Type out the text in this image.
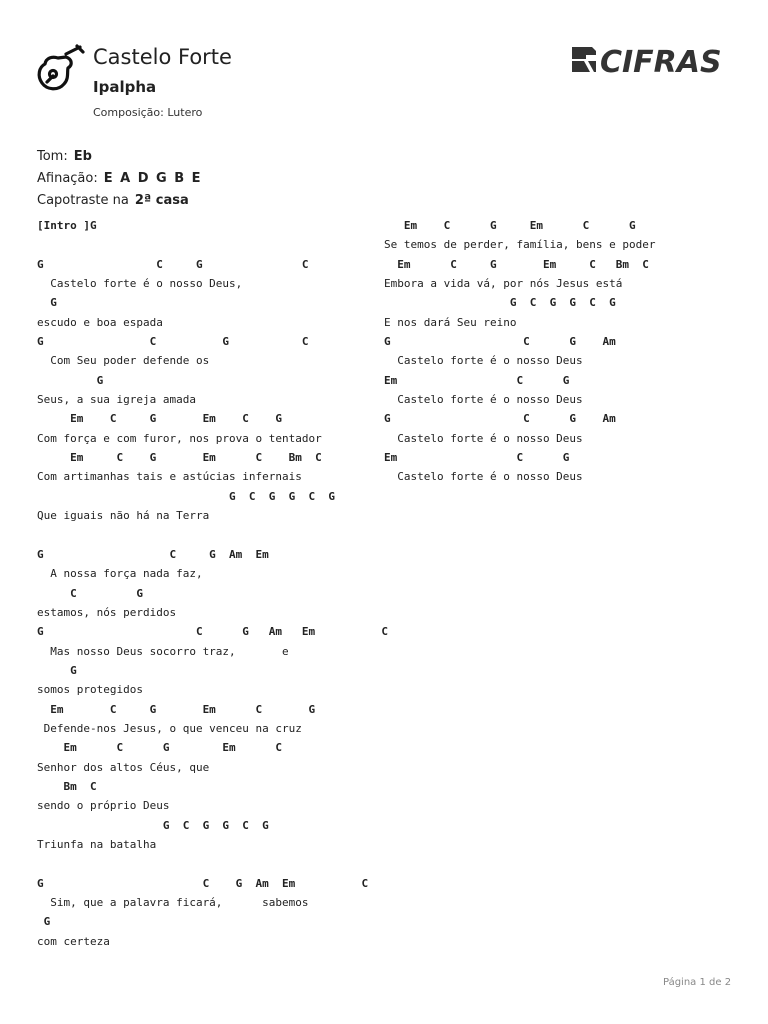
Castelo Forte
Ipalpha
Composição: Lutero
CIFRAS
Tom: Eb
Afinação: E A D G B E
Capotraste na 2ª casa
[Intro ]G
G                 C     G               C
Castelo forte é o nosso Deus,
G
escudo e boa espada
G                C          G           C
Com Seu poder defende os
G
Seus, a sua igreja amada
Em    C     G       Em    C    G
Com força e com furor, nos prova o tentador
Em     C    G       Em      C    Bm  C
Com artimanhas tais e astúcias infernais
G  C  G  G  C  G
Que iguais não há na Terra
G                   C     G  Am  Em
A nossa força nada faz,
C         G
estamos, nós perdidos
G                       C      G   Am   Em          C
Mas nosso Deus socorro traz,       e
G
somos protegidos
Em       C     G       Em      C       G
Defende-nos Jesus, o que venceu na cruz
Em      C      G        Em      C
Senhor dos altos Céus, que
Bm  C
sendo o próprio Deus
G  C  G  G  C  G
Triunfa na batalha
G                        C    G  Am  Em          C
Sim, que a palavra ficará,      sabemos
G
com certeza
Em    C      G     Em      C      G
Se temos de perder, família, bens e poder
Em      C     G       Em     C   Bm  C
Embora a vida vá, por nós Jesus está
G  C  G  G  C  G
E nos dará Seu reino
G                    C      G    Am
Castelo forte é o nosso Deus
Em                  C      G
Castelo forte é o nosso Deus
G                    C      G    Am
Castelo forte é o nosso Deus
Em                  C      G
Castelo forte é o nosso Deus
Página 1 de 2
